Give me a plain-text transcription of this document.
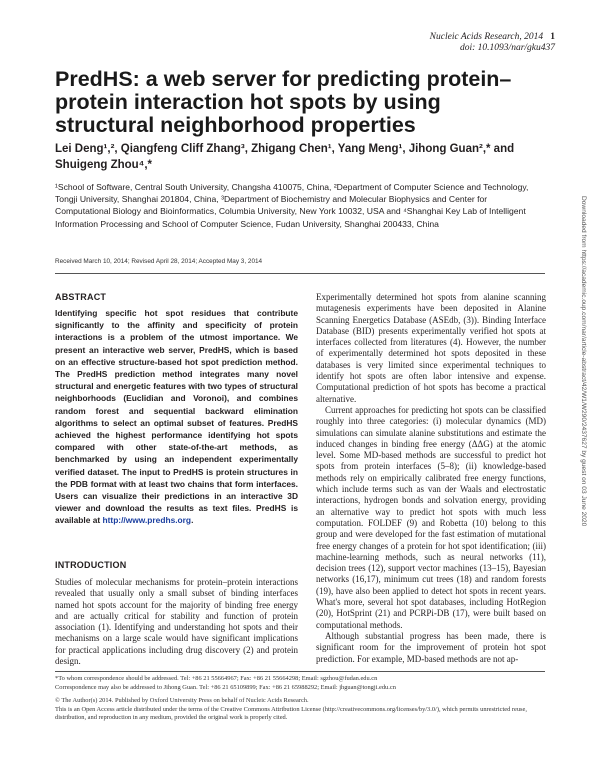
Nucleic Acids Research, 2014 1
doi: 10.1093/nar/gku437
PredHS: a web server for predicting protein–protein interaction hot spots by using structural neighborhood properties
Lei Deng¹,², Qiangfeng Cliff Zhang³, Zhigang Chen¹, Yang Meng¹, Jihong Guan²,* and Shuigeng Zhou⁴,*
¹School of Software, Central South University, Changsha 410075, China, ²Department of Computer Science and Technology, Tongji University, Shanghai 201804, China, ³Department of Biochemistry and Molecular Biophysics and Center for Computational Biology and Bioinformatics, Columbia University, New York 10032, USA and ⁴Shanghai Key Lab of Intelligent Information Processing and School of Computer Science, Fudan University, Shanghai 200433, China
Received March 10, 2014; Revised April 28, 2014; Accepted May 3, 2014
ABSTRACT
Identifying specific hot spot residues that contribute significantly to the affinity and specificity of protein interactions is a problem of the utmost importance. We present an interactive web server, PredHS, which is based on an effective structure-based hot spot prediction method. The PredHS prediction method integrates many novel structural and energetic features with two types of structural neighborhoods (Euclidian and Voronoi), and combines random forest and sequential backward elimination algorithms to select an optimal subset of features. PredHS achieved the highest performance identifying hot spots compared with other state-of-the-art methods, as benchmarked by using an independent experimentally verified dataset. The input to PredHS is protein structures in the PDB format with at least two chains that form interfaces. Users can visualize their predictions in an interactive 3D viewer and download the results as text files. PredHS is available at http://www.predhs.org.
INTRODUCTION
Studies of molecular mechanisms for protein–protein interactions revealed that usually only a small subset of binding interfaces named hot spots account for the majority of binding free energy and are actually critical for stability and function of protein association (1). Identifying and understanding hot spots and their mechanisms on a large scale would have significant implications for practical applications including drug discovery (2) and protein design.

Experimentally determined hot spots from alanine scanning mutagenesis experiments have been deposited in Alanine Scanning Energetics Database (ASEdb, (3)). Binding Interface Database (BID) presents experimentally verified hot spots at interfaces collected from literatures (4). However, the number of experimentally determined hot spots deposited in these databases is very limited since experimental techniques to identify hot spots are often labor intensive and expense. Computational prediction of hot spots has become a practical alternative.

Current approaches for predicting hot spots can be classified roughly into three categories: (i) molecular dynamics (MD) simulations can simulate alanine substitutions and estimate the induced changes in binding free energy (ΔΔG) at the atomic level. Some MD-based methods are successful to predict hot spots from protein interfaces (5–8); (ii) knowledge-based methods rely on empirically calibrated free energy functions, which include terms such as van der Waals and electrostatic interactions, hydrogen bonds and solvation energy, providing an alternative way to predict hot spots with much less computation. FOLDEF (9) and Robetta (10) belong to this group and were developed for the fast estimation of mutational free energy changes of a protein for hot spot identification; (iii) machine-learning methods, such as neural networks (11), decision trees (12), support vector machines (13–15), Bayesian networks (16,17), minimum cut trees (18) and random forests (19), have also been applied to detect hot spots in recent years. What's more, several hot spot databases, including HotRegion (20), HotSprint (21) and PCRPi-DB (17), were built based on computational methods.

Although substantial progress has been made, there is significant room for the improvement of protein hot spot prediction. For example, MD-based methods are not ap-

*To whom correspondence should be addressed. Tel: +86 21 55664967; Fax: +86 21 55664298; Email: sgzhou@fudan.edu.cn
Correspondence may also be addressed to Jihong Guan. Tel: +86 21 65109899; Fax: +86 21 65988292; Email: jhguan@tongji.edu.cn
© The Author(s) 2014. Published by Oxford University Press on behalf of Nucleic Acids Research.
This is an Open Access article distributed under the terms of the Creative Commons Attribution License (http://creativecommons.org/licenses/by/3.0/), which permits unrestricted reuse, distribution, and reproduction in any medium, provided the original work is properly cited.
Downloaded from https://academic.oup.com/nar/article-abstract/42/W1/W290/2437627 by guest on 03 June 2020
